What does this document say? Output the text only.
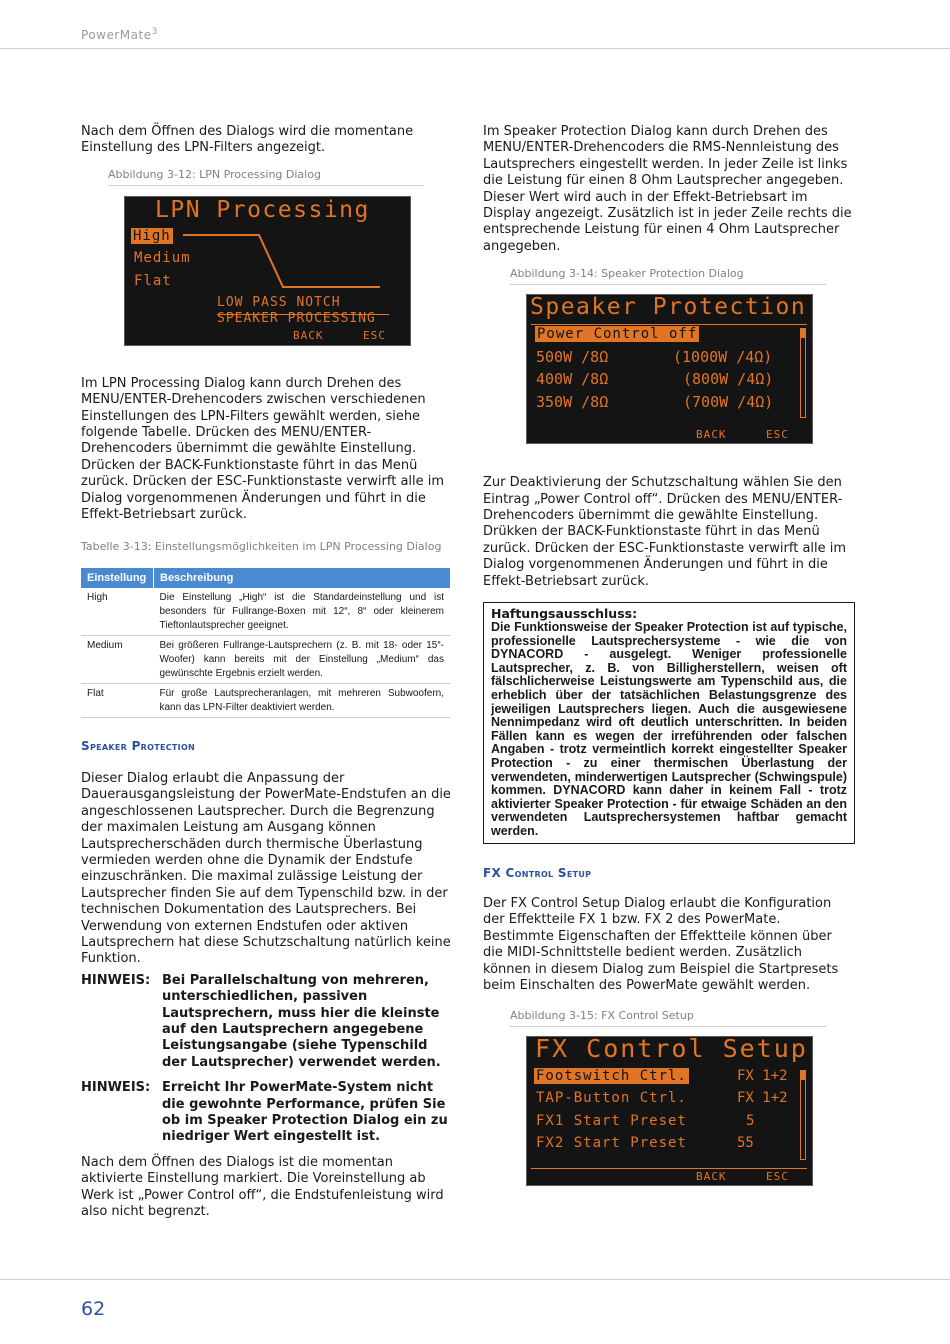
PowerMate$^3$

Nach dem Öffnen des Dialogs wird die momentane Einstellung des LPN-Filters angezeigt.

Abbildung 3-12: LPN Processing Dialog

LPN Processing
High
Medium
Flat
LOW PASS NOTCH
SPEAKER PROCESSING
BACK	ESC

Im LPN Processing Dialog kann durch Drehen des MENU/ENTER-Drehencoders zwischen verschiedenen Einstellungen des LPN-Filters gewählt werden, siehe folgende Tabelle. Drücken des MENU/ENTER-Drehencoders übernimmt die gewählte Einstellung. Drücken der BACK-Funktionstaste führt in das Menü zurück. Drücken der ESC-Funktionstaste verwirft alle im Dialog vorgenommenen Änderungen und führt in die Effekt-Betriebsart zurück.

Tabelle 3-13: Einstellungsmöglichkeiten im LPN Processing Dialog

Einstellung	Beschreibung
High	Die Einstellung „High“ ist die Standardeinstellung und ist besonders für Fullrange-Boxen mit 12“, 8“ oder kleinerem Tieftonlautsprecher geeignet.
Medium	Bei größeren Fullrange-Lautsprechern (z. B. mit 18- oder 15“-Woofer) kann bereits mit der Einstellung „Medium“ das gewünschte Ergebnis erzielt werden.
Flat	Für große Lautsprecheranlagen, mit mehreren Subwoofern, kann das LPN-Filter deaktiviert werden.

Speaker Protection

Dieser Dialog erlaubt die Anpassung der Dauerausgangsleistung der PowerMate-Endstufen an die angeschlossenen Lautsprecher. Durch die Begrenzung der maximalen Leistung am Ausgang können Lautsprecherschäden durch thermische Überlastung vermieden werden ohne die Dynamik der Endstufe einzuschränken. Die maximal zulässige Leistung der Lautsprecher finden Sie auf dem Typenschild bzw. in der technischen Dokumentation des Lautsprechers. Bei Verwendung von externen Endstufen oder aktiven Lautsprechern hat diese Schutzschaltung natürlich keine Funktion.

HINWEIS: Bei Parallelschaltung von mehreren, unterschiedlichen, passiven Lautsprechern, muss hier die kleinste auf den Lautsprechern angegebene Leistungsangabe (siehe Typenschild der Lautsprecher) verwendet werden.
HINWEIS: Erreicht Ihr PowerMate-System nicht die gewohnte Performance, prüfen Sie ob im Speaker Protection Dialog ein zu niedriger Wert eingestellt ist.

Nach dem Öffnen des Dialogs ist die momentan aktivierte Einstellung markiert. Die Voreinstellung ab Werk ist „Power Control off“, die Endstufenleistung wird also nicht begrenzt.

Im Speaker Protection Dialog kann durch Drehen des MENU/ENTER-Drehencoders die RMS-Nennleistung des Lautsprechers eingestellt werden. In jeder Zeile ist links die Leistung für einen 8 Ohm Lautsprecher angegeben. Dieser Wert wird auch in der Effekt-Betriebsart im Display angezeigt. Zusätzlich ist in jeder Zeile rechts die entsprechende Leistung für einen 4 Ohm Lautsprecher angegeben.

Abbildung 3-14: Speaker Protection Dialog

Speaker Protection
Power Control off
500W /8Ω	(1000W /4Ω)
400W /8Ω	(800W /4Ω)
350W /8Ω	(700W /4Ω)
BACK	ESC

Zur Deaktivierung der Schutzschaltung wählen Sie den Eintrag „Power Control off“. Drücken des MENU/ENTER-Drehencoders übernimmt die gewählte Einstellung. Drükken der BACK-Funktionstaste führt in das Menü zurück. Drücken der ESC-Funktionstaste verwirft alle im Dialog vorgenommenen Änderungen und führt in die Effekt-Betriebsart zurück.

Haftungsausschluss:

Die Funktionsweise der Speaker Protection ist auf typische, professionelle Lautsprechersysteme - wie die von DYNACORD - ausgelegt. Weniger professionelle Lautsprecher, z. B. von Billigherstellern, weisen oft fälschlicherweise Leistungswerte am Typenschild aus, die erheblich über der tatsächlichen Belastungsgrenze des jeweiligen Lautsprechers liegen. Auch die ausgewiesene Nennimpedanz wird oft deutlich unterschritten. In beiden Fällen kann es wegen der irreführenden oder falschen Angaben - trotz vermeintlich korrekt eingestellter Speaker Protection - zu einer thermischen Überlastung der verwendeten, minderwertigen Lautsprecher (Schwingspule) kommen. DYNACORD kann daher in keinem Fall - trotz aktivierter Speaker Protection - für etwaige Schäden an den verwendeten Lautsprechersystemen haftbar gemacht werden.

FX Control Setup

Der FX Control Setup Dialog erlaubt die Konfiguration der Effektteile FX 1 bzw. FX 2 des PowerMate. Bestimmte Eigenschaften der Effektteile können über die MIDI-Schnittstelle bedient werden. Zusätzlich können in diesem Dialog zum Beispiel die Startpresets beim Einschalten des PowerMate gewählt werden.

Abbildung 3-15: FX Control Setup

FX Control Setup
Footswitch Ctrl.	FX 1+2
TAP-Button Ctrl.	FX 1+2
FX1 Start Preset	5
FX2 Start Preset	55
BACK	ESC
62
